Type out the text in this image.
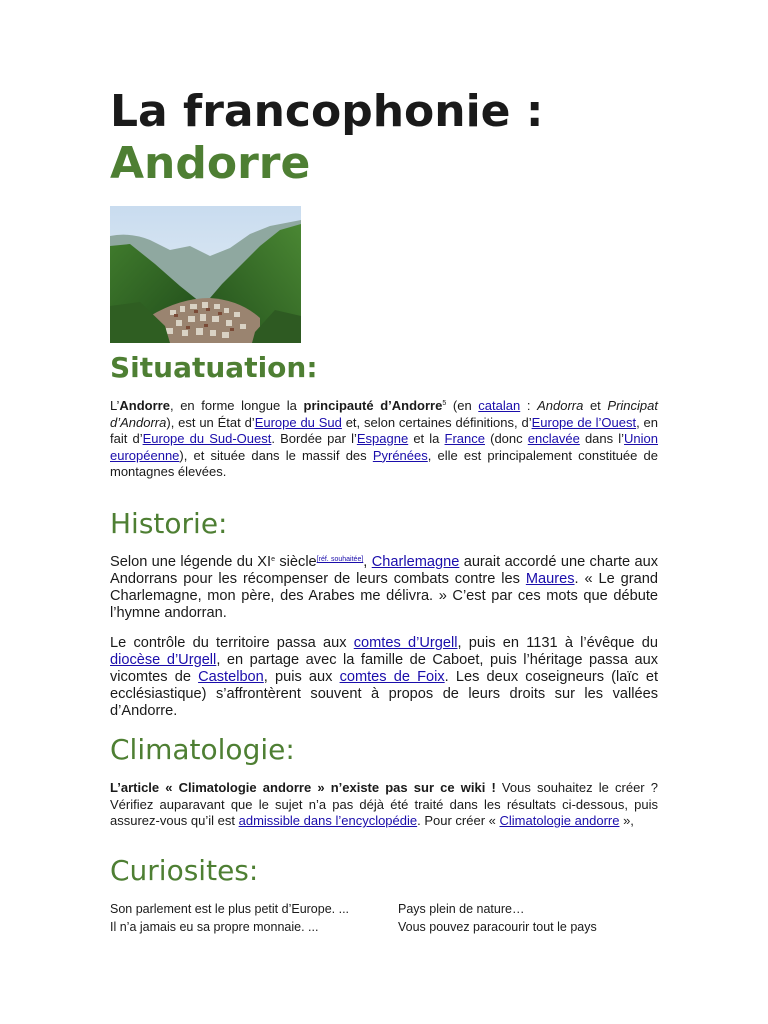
La francophonie :
Andorre
Situatuation:

L’Andorre, en forme longue la principauté d’Andorre$^5$ (en catalan : Andorra et Principat d’Andorra), est un État d’Europe du Sud et, selon certaines définitions, d’Europe de l’Ouest, en fait d’Europe du Sud-Ouest. Bordée par l’Espagne et la France (donc enclavée dans l’Union européenne), et située dans le massif des Pyrénées, elle est principalement constituée de montagnes élevées.

Historie:

Selon une légende du XIe siècle[réf. souhaitée], Charlemagne aurait accordé une charte aux Andorrans pour les récompenser de leurs combats contre les Maures. « Le grand Charlemagne, mon père, des Arabes me délivra. » C’est par ces mots que débute l’hymne andorran.

Le contrôle du territoire passa aux comtes d’Urgell, puis en 1131 à l’évêque du diocèse d’Urgell, en partage avec la famille de Caboet, puis l’héritage passa aux vicomtes de Castelbon, puis aux comtes de Foix. Les deux coseigneurs (laïc et ecclésiastique) s’affrontèrent souvent à propos de leurs droits sur les vallées d’Andorre.

Climatologie:

L’article « Climatologie andorre » n’existe pas sur ce wiki ! Vous souhaitez le créer ? Vérifiez auparavant que le sujet n’a pas déjà été traité dans les résultats ci-dessous, puis assurez-vous qu’il est admissible dans l’encyclopédie. Pour créer « Climatologie andorre »,

Curiosites:
Son parlement est le plus petit d’Europe. ...
Il n’a jamais eu sa propre monnaie. ...
Pays plein de nature…
Vous pouvez paracourir tout le pays
